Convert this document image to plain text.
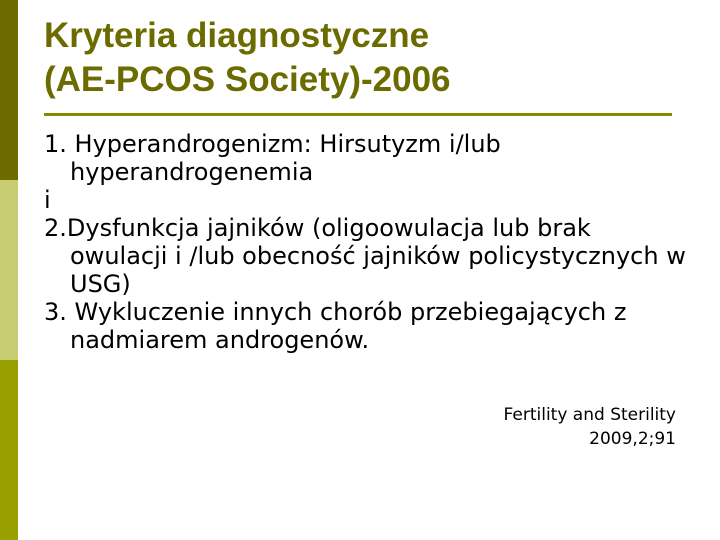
Kryteria diagnostyczne
(AE-PCOS Society)-2006

1. Hyperandrogenizm: Hirsutyzm i/lub hyperandrogenemia

i

2.Dysfunkcja jajników (oligoowulacja lub brak owulacji i /lub obecność jajników policystycznych w USG)

3. Wykluczenie innych chorób przebiegających z nadmiarem androgenów.

Fertility and Sterility
2009,2;91
